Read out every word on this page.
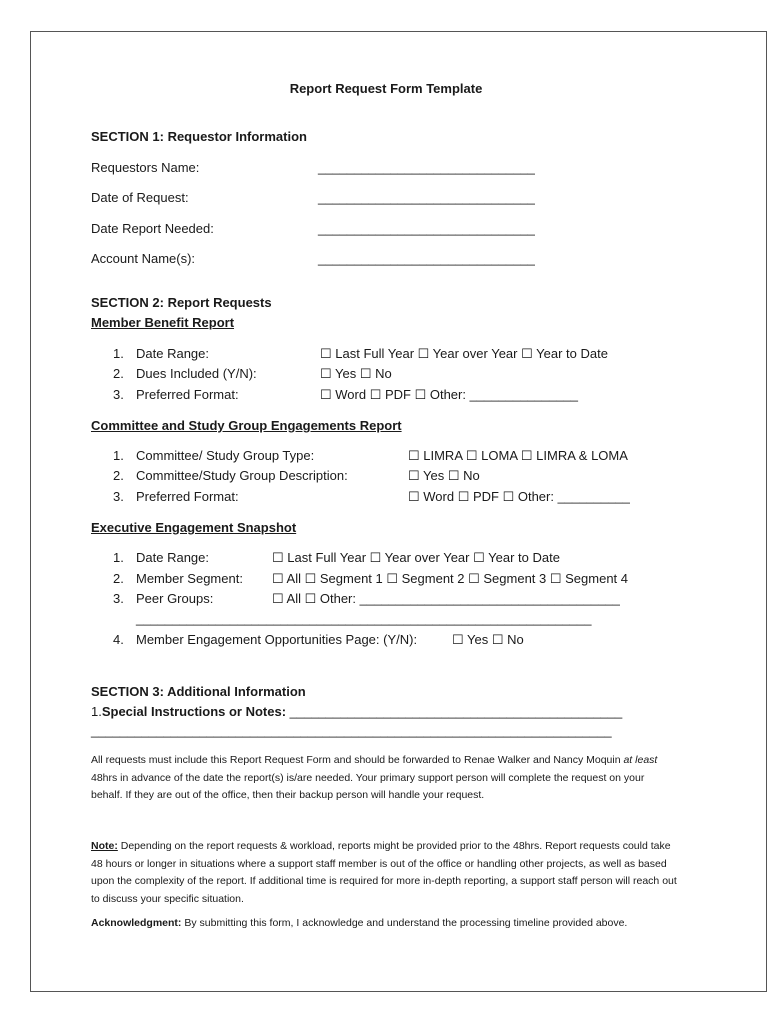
Report Request Form Template
SECTION 1: Requestor Information
Requestors Name:	______________________________
Date of Request:	______________________________
Date Report Needed:	______________________________
Account Name(s):	______________________________
SECTION 2: Report Requests
Member Benefit Report
1. Date Range:	☐ Last Full Year ☐ Year over Year ☐ Year to Date
2. Dues Included (Y/N):	☐ Yes ☐ No
3. Preferred Format:	☐ Word ☐ PDF ☐ Other: _______________
Committee and Study Group Engagements Report
1. Committee/ Study Group Type:	☐ LIMRA ☐ LOMA ☐ LIMRA & LOMA
2. Committee/Study Group Description:	☐ Yes ☐ No
3. Preferred Format:	☐ Word ☐ PDF ☐ Other: __________
Executive Engagement Snapshot
1. Date Range:	☐ Last Full Year ☐ Year over Year ☐ Year to Date
2. Member Segment: ☐ All ☐ Segment 1 ☐ Segment 2 ☐ Segment 3 ☐ Segment 4
3. Peer Groups:	☐ All ☐ Other: ____________________________________
_______________________________________________________________
4. Member Engagement Opportunities Page: (Y/N):	☐ Yes ☐ No
SECTION 3: Additional Information
1.Special Instructions or Notes: ______________________________________________
________________________________________________________________________
All requests must include this Report Request Form and should be forwarded to Renae Walker and Nancy Moquin at least 48hrs in advance of the date the report(s) is/are needed. Your primary support person will complete the request on your behalf. If they are out of the office, then their backup person will handle your request.
Note: Depending on the report requests & workload, reports might be provided prior to the 48hrs. Report requests could take 48 hours or longer in situations where a support staff member is out of the office or handling other projects, as well as based upon the complexity of the report. If additional time is required for more in-depth reporting, a support staff person will reach out to discuss your specific situation.
Acknowledgment: By submitting this form, I acknowledge and understand the processing timeline provided above.
